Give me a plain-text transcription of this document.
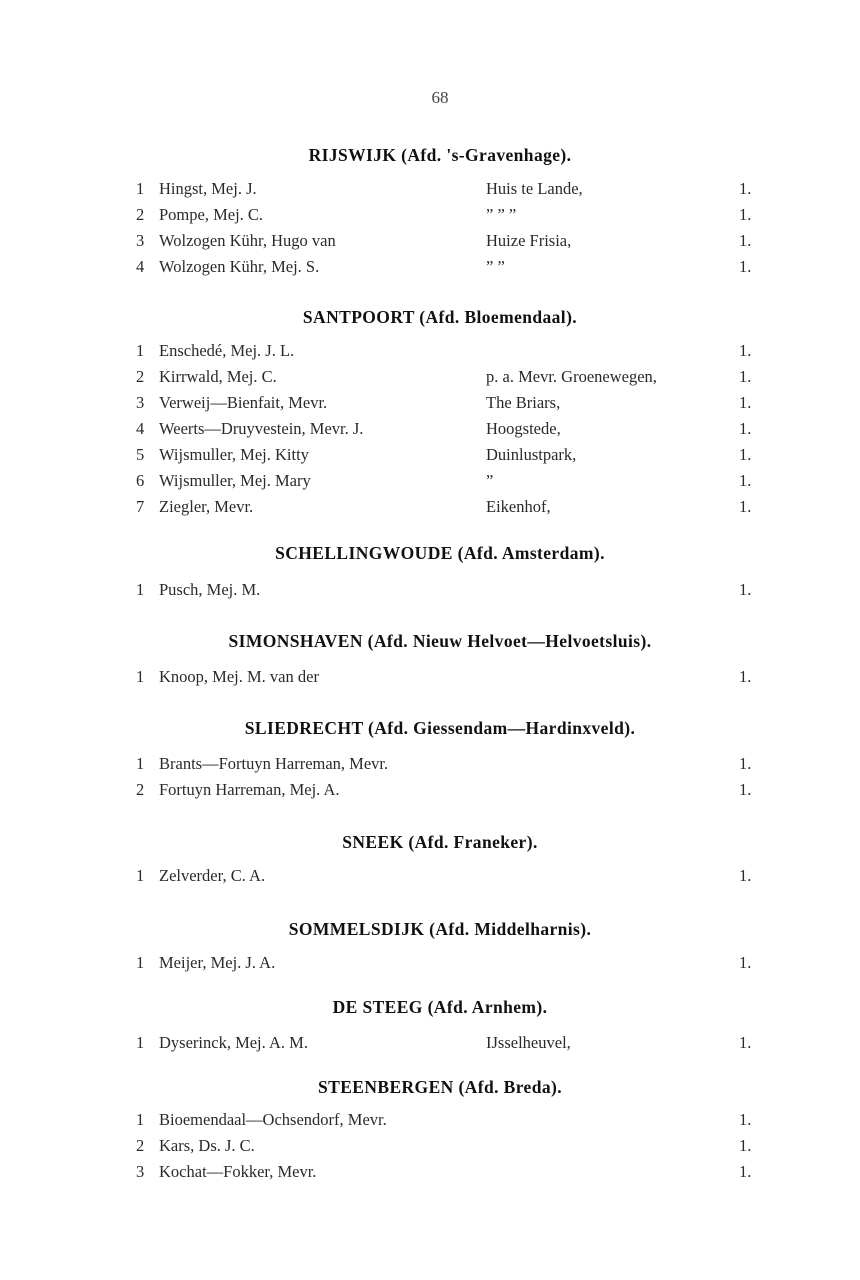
68
RIJSWIJK (Afd. 's-Gravenhage).
1 Hingst, Mej. J.	Huis te Lande,	1.
2 Pompe, Mej. C.	” ” ”	1.
3 Wolzogen Kühr, Hugo van	Huize Frisia,	1.
4 Wolzogen Kühr, Mej. S.	” ”	1.
SANTPOORT (Afd. Bloemendaal).
1 Enschedé, Mej. J. L.	1.
2 Kirrwald, Mej. C.	p. a. Mevr. Groenewegen,	1.
3 Verweij—Bienfait, Mevr.	The Briars,	1.
4 Weerts—Druyvestein, Mevr. J.	Hoogstede,	1.
5 Wijsmuller, Mej. Kitty	Duinlustpark,	1.
6 Wijsmuller, Mej. Mary	”	1.
7 Ziegler, Mevr.	Eikenhof,	1.
SCHELLINGWOUDE (Afd. Amsterdam).
1 Pusch, Mej. M.	1.
SIMONSHAVEN (Afd. Nieuw Helvoet—Helvoetsluis).
1 Knoop, Mej. M. van der	1.
SLIEDRECHT (Afd. Giessendam—Hardinxveld).
1 Brants—Fortuyn Harreman, Mevr.	1.
2 Fortuyn Harreman, Mej. A.	1.
SNEEK (Afd. Franeker).
1 Zelverder, C. A.	1.
SOMMELSDIJK (Afd. Middelharnis).
1 Meijer, Mej. J. A.	1.
DE STEEG (Afd. Arnhem).
1 Dyserinck, Mej. A. M.	IJsselheuvel,	1.
STEENBERGEN (Afd. Breda).
1 Bioemendaal—Ochsendorf, Mevr.	1.
2 Kars, Ds. J. C.	1.
3 Kochat—Fokker, Mevr.	1.
